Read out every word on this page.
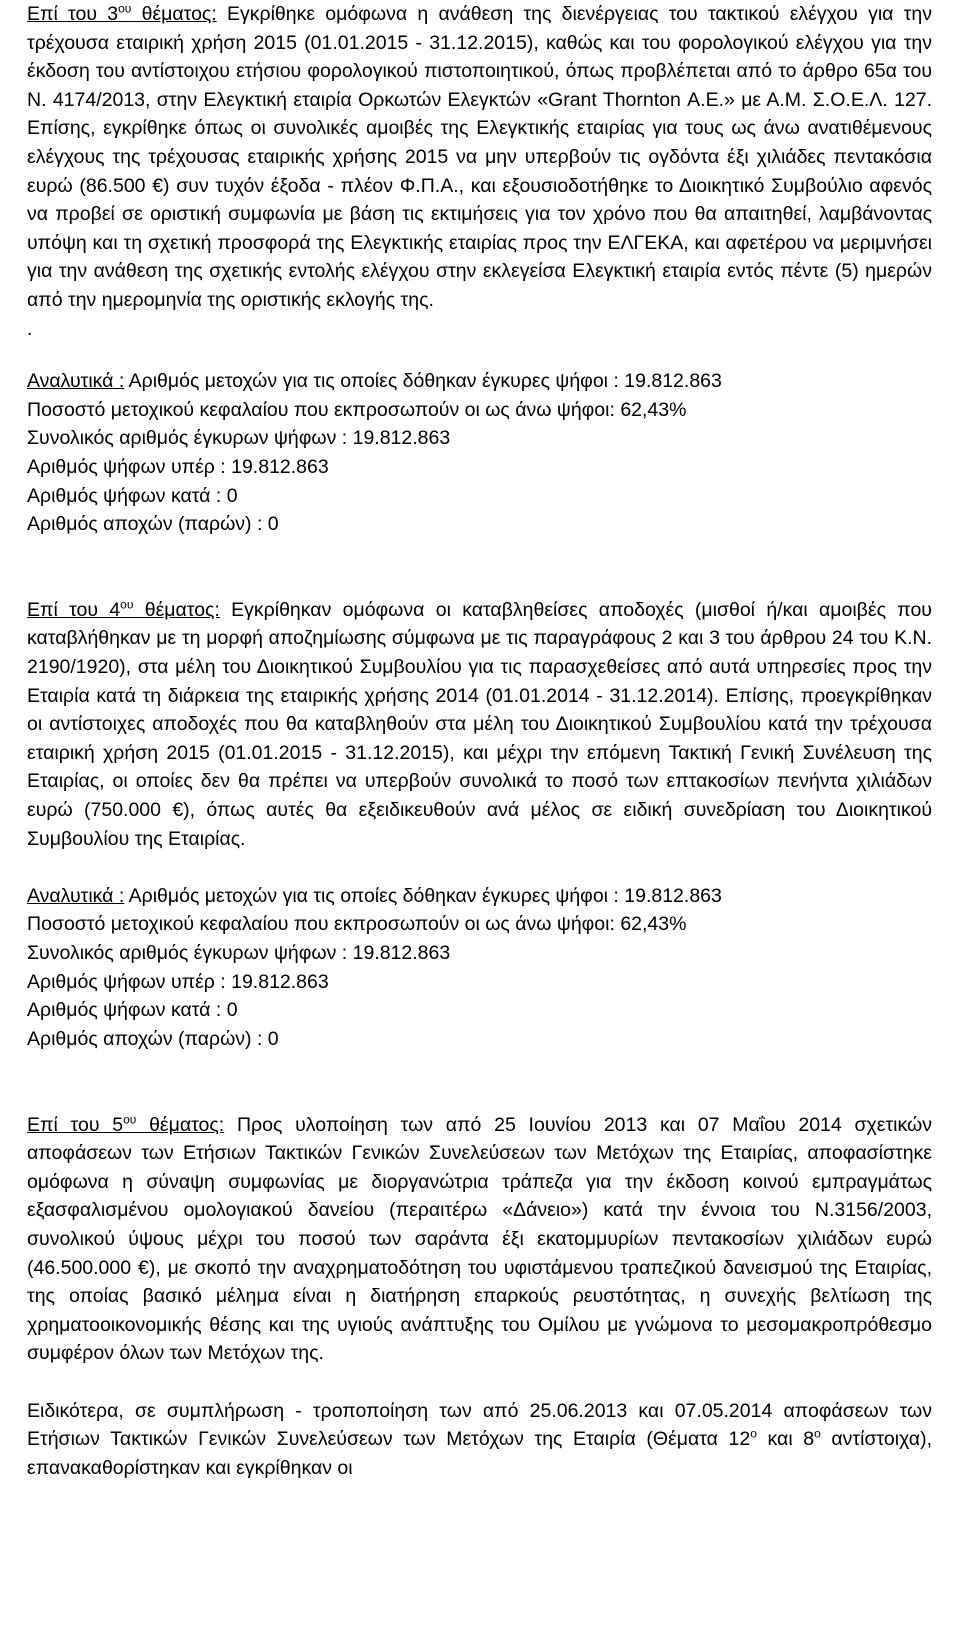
Επί του $3^{o\upsilon}$ θέματος: Εγκρίθηκε ομόφωνα η ανάθεση της διενέργειας του τακτικού ελέγχου για την τρέχουσα εταιρική χρήση 2015 (01.01.2015 - 31.12.2015), καθώς και του φορολογικού ελέγχου για την έκδοση του αντίστοιχου ετήσιου φορολογικού πιστοποιητικού, όπως προβλέπεται από το άρθρο 65α του Ν. 4174/2013, στην Ελεγκτική εταιρία Ορκωτών Ελεγκτών «Grant Thornton Α.Ε.» με Α.Μ. Σ.Ο.Ε.Λ. 127. Επίσης, εγκρίθηκε όπως οι συνολικές αμοιβές της Ελεγκτικής εταιρίας για τους ως άνω ανατιθέμενους ελέγχους της τρέχουσας εταιρικής χρήσης 2015 να μην υπερβούν τις ογδόντα έξι χιλιάδες πεντακόσια ευρώ (86.500 €) συν τυχόν έξοδα - πλέον Φ.Π.Α., και εξουσιοδοτήθηκε το Διοικητικό Συμβούλιο αφενός να προβεί σε οριστική συμφωνία με βάση τις εκτιμήσεις για τον χρόνο που θα απαιτηθεί, λαμβάνοντας υπόψη και τη σχετική προσφορά της Ελεγκτικής εταιρίας προς την ΕΛΓΕΚΑ, και αφετέρου να μεριμνήσει για την ανάθεση της σχετικής εντολής ελέγχου στην εκλεγείσα Ελεγκτική εταιρία εντός πέντε (5) ημερών από την ημερομηνία της οριστικής εκλογής της.

.

Αναλυτικά : Αριθμός μετοχών για τις οποίες δόθηκαν έγκυρες ψήφοι : 19.812.863

Ποσοστό μετοχικού κεφαλαίου που εκπροσωπούν οι ως άνω ψήφοι: 62,43%

Συνολικός αριθμός έγκυρων ψήφων : 19.812.863

Αριθμός ψήφων υπέρ : 19.812.863

Αριθμός ψήφων κατά : 0

Αριθμός αποχών (παρών) : 0

Επί του $4^{o\upsilon}$ θέματος: Εγκρίθηκαν ομόφωνα οι καταβληθείσες αποδοχές (μισθοί ή/και αμοιβές που καταβλήθηκαν με τη μορφή αποζημίωσης σύμφωνα με τις παραγράφους 2 και 3 του άρθρου 24 του Κ.Ν. 2190/1920), στα μέλη του Διοικητικού Συμβουλίου για τις παρασχεθείσες από αυτά υπηρεσίες προς την Εταιρία κατά τη διάρκεια της εταιρικής χρήσης 2014 (01.01.2014 - 31.12.2014). Επίσης, προεγκρίθηκαν οι αντίστοιχες αποδοχές που θα καταβληθούν στα μέλη του Διοικητικού Συμβουλίου κατά την τρέχουσα εταιρική χρήση 2015 (01.01.2015 - 31.12.2015), και μέχρι την επόμενη Τακτική Γενική Συνέλευση της Εταιρίας, οι οποίες δεν θα πρέπει να υπερβούν συνολικά το ποσό των επτακοσίων πενήντα χιλιάδων ευρώ (750.000 €), όπως αυτές θα εξειδικευθούν ανά μέλος σε ειδική συνεδρίαση του Διοικητικού Συμβουλίου της Εταιρίας.

Αναλυτικά : Αριθμός μετοχών για τις οποίες δόθηκαν έγκυρες ψήφοι : 19.812.863

Ποσοστό μετοχικού κεφαλαίου που εκπροσωπούν οι ως άνω ψήφοι: 62,43%

Συνολικός αριθμός έγκυρων ψήφων : 19.812.863

Αριθμός ψήφων υπέρ : 19.812.863

Αριθμός ψήφων κατά : 0

Αριθμός αποχών (παρών) : 0

Επί του $5^{o\upsilon}$ θέματος: Προς υλοποίηση των από 25 Ιουνίου 2013 και 07 Μαΐου 2014 σχετικών αποφάσεων των Ετήσιων Τακτικών Γενικών Συνελεύσεων των Μετόχων της Εταιρίας, αποφασίστηκε ομόφωνα η σύναψη συμφωνίας με διοργανώτρια τράπεζα για την έκδοση κοινού εμπραγμάτως εξασφαλισμένου ομολογιακού δανείου (περαιτέρω «Δάνειο») κατά την έννοια του Ν.3156/2003, συνολικού ύψους μέχρι του ποσού των σαράντα έξι εκατομμυρίων πεντακοσίων χιλιάδων ευρώ (46.500.000 €), με σκοπό την αναχρηματοδότηση του υφιστάμενου τραπεζικού δανεισμού της Εταιρίας, της οποίας βασικό μέλημα είναι η διατήρηση επαρκούς ρευστότητας, η συνεχής βελτίωση της χρηματοοικονομικής θέσης και της υγιούς ανάπτυξης του Ομίλου με γνώμονα το μεσομακροπρόθεσμο συμφέρον όλων των Μετόχων της.

Ειδικότερα, σε συμπλήρωση - τροποποίηση των από 25.06.2013 και 07.05.2014 αποφάσεων των Ετήσιων Τακτικών Γενικών Συνελεύσεων των Μετόχων της Εταιρία (Θέματα $12^o$ και $8^o$ αντίστοιχα), επανακαθορίστηκαν και εγκρίθηκαν οι
